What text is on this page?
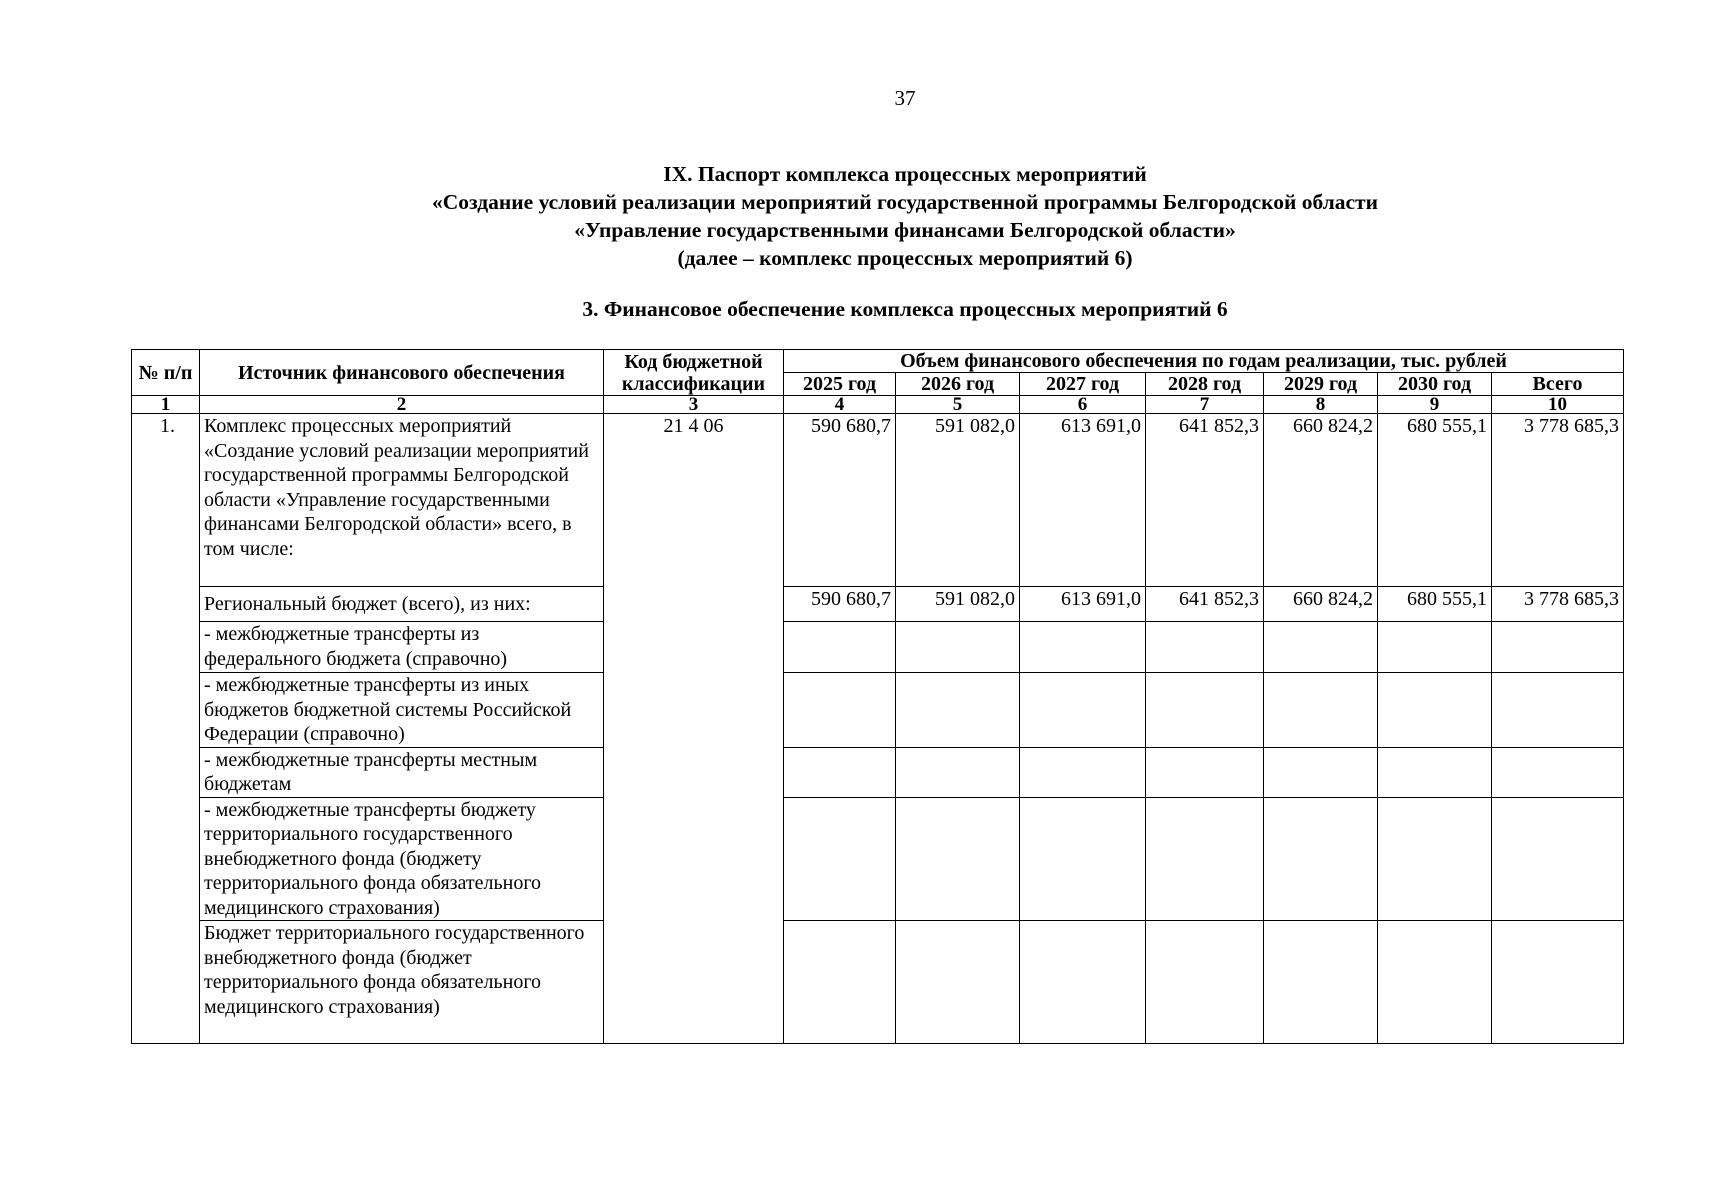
37
IX. Паспорт комплекса процессных мероприятий
«Создание условий реализации мероприятий государственной программы Белгородской области
«Управление государственными финансами Белгородской области»
(далее – комплекс процессных мероприятий 6)
3. Финансовое обеспечение комплекса процессных мероприятий 6
№ п/п	Источник финансового обеспечения	Код бюджетной классификации	Объем финансового обеспечения по годам реализации, тыс. рублей						
			2025 год	2026 год	2027 год	2028 год	2029 год	2030 год	Всего
1	2	3	4	5	6	7	8	9	10
1.	Комплекс процессных мероприятий «Создание условий реализации мероприятий государственной программы Белгородской области «Управление государственными финансами Белгородской области» всего, в том числе:	21 4 06	590 680,7	591 082,0	613 691,0	641 852,3	660 824,2	680 555,1	3 778 685,3
	Региональный бюджет (всего), из них:		590 680,7	591 082,0	613 691,0	641 852,3	660 824,2	680 555,1	3 778 685,3
	- межбюджетные трансферты из федерального бюджета (справочно)								
	- межбюджетные трансферты из иных бюджетов бюджетной системы Российской Федерации (справочно)								
	- межбюджетные трансферты местным бюджетам								
	- межбюджетные трансферты бюджету территориального государственного внебюджетного фонда (бюджету территориального фонда обязательного медицинского страхования)								
	Бюджет территориального государственного внебюджетного фонда (бюджет территориального фонда обязательного медицинского страхования)								
